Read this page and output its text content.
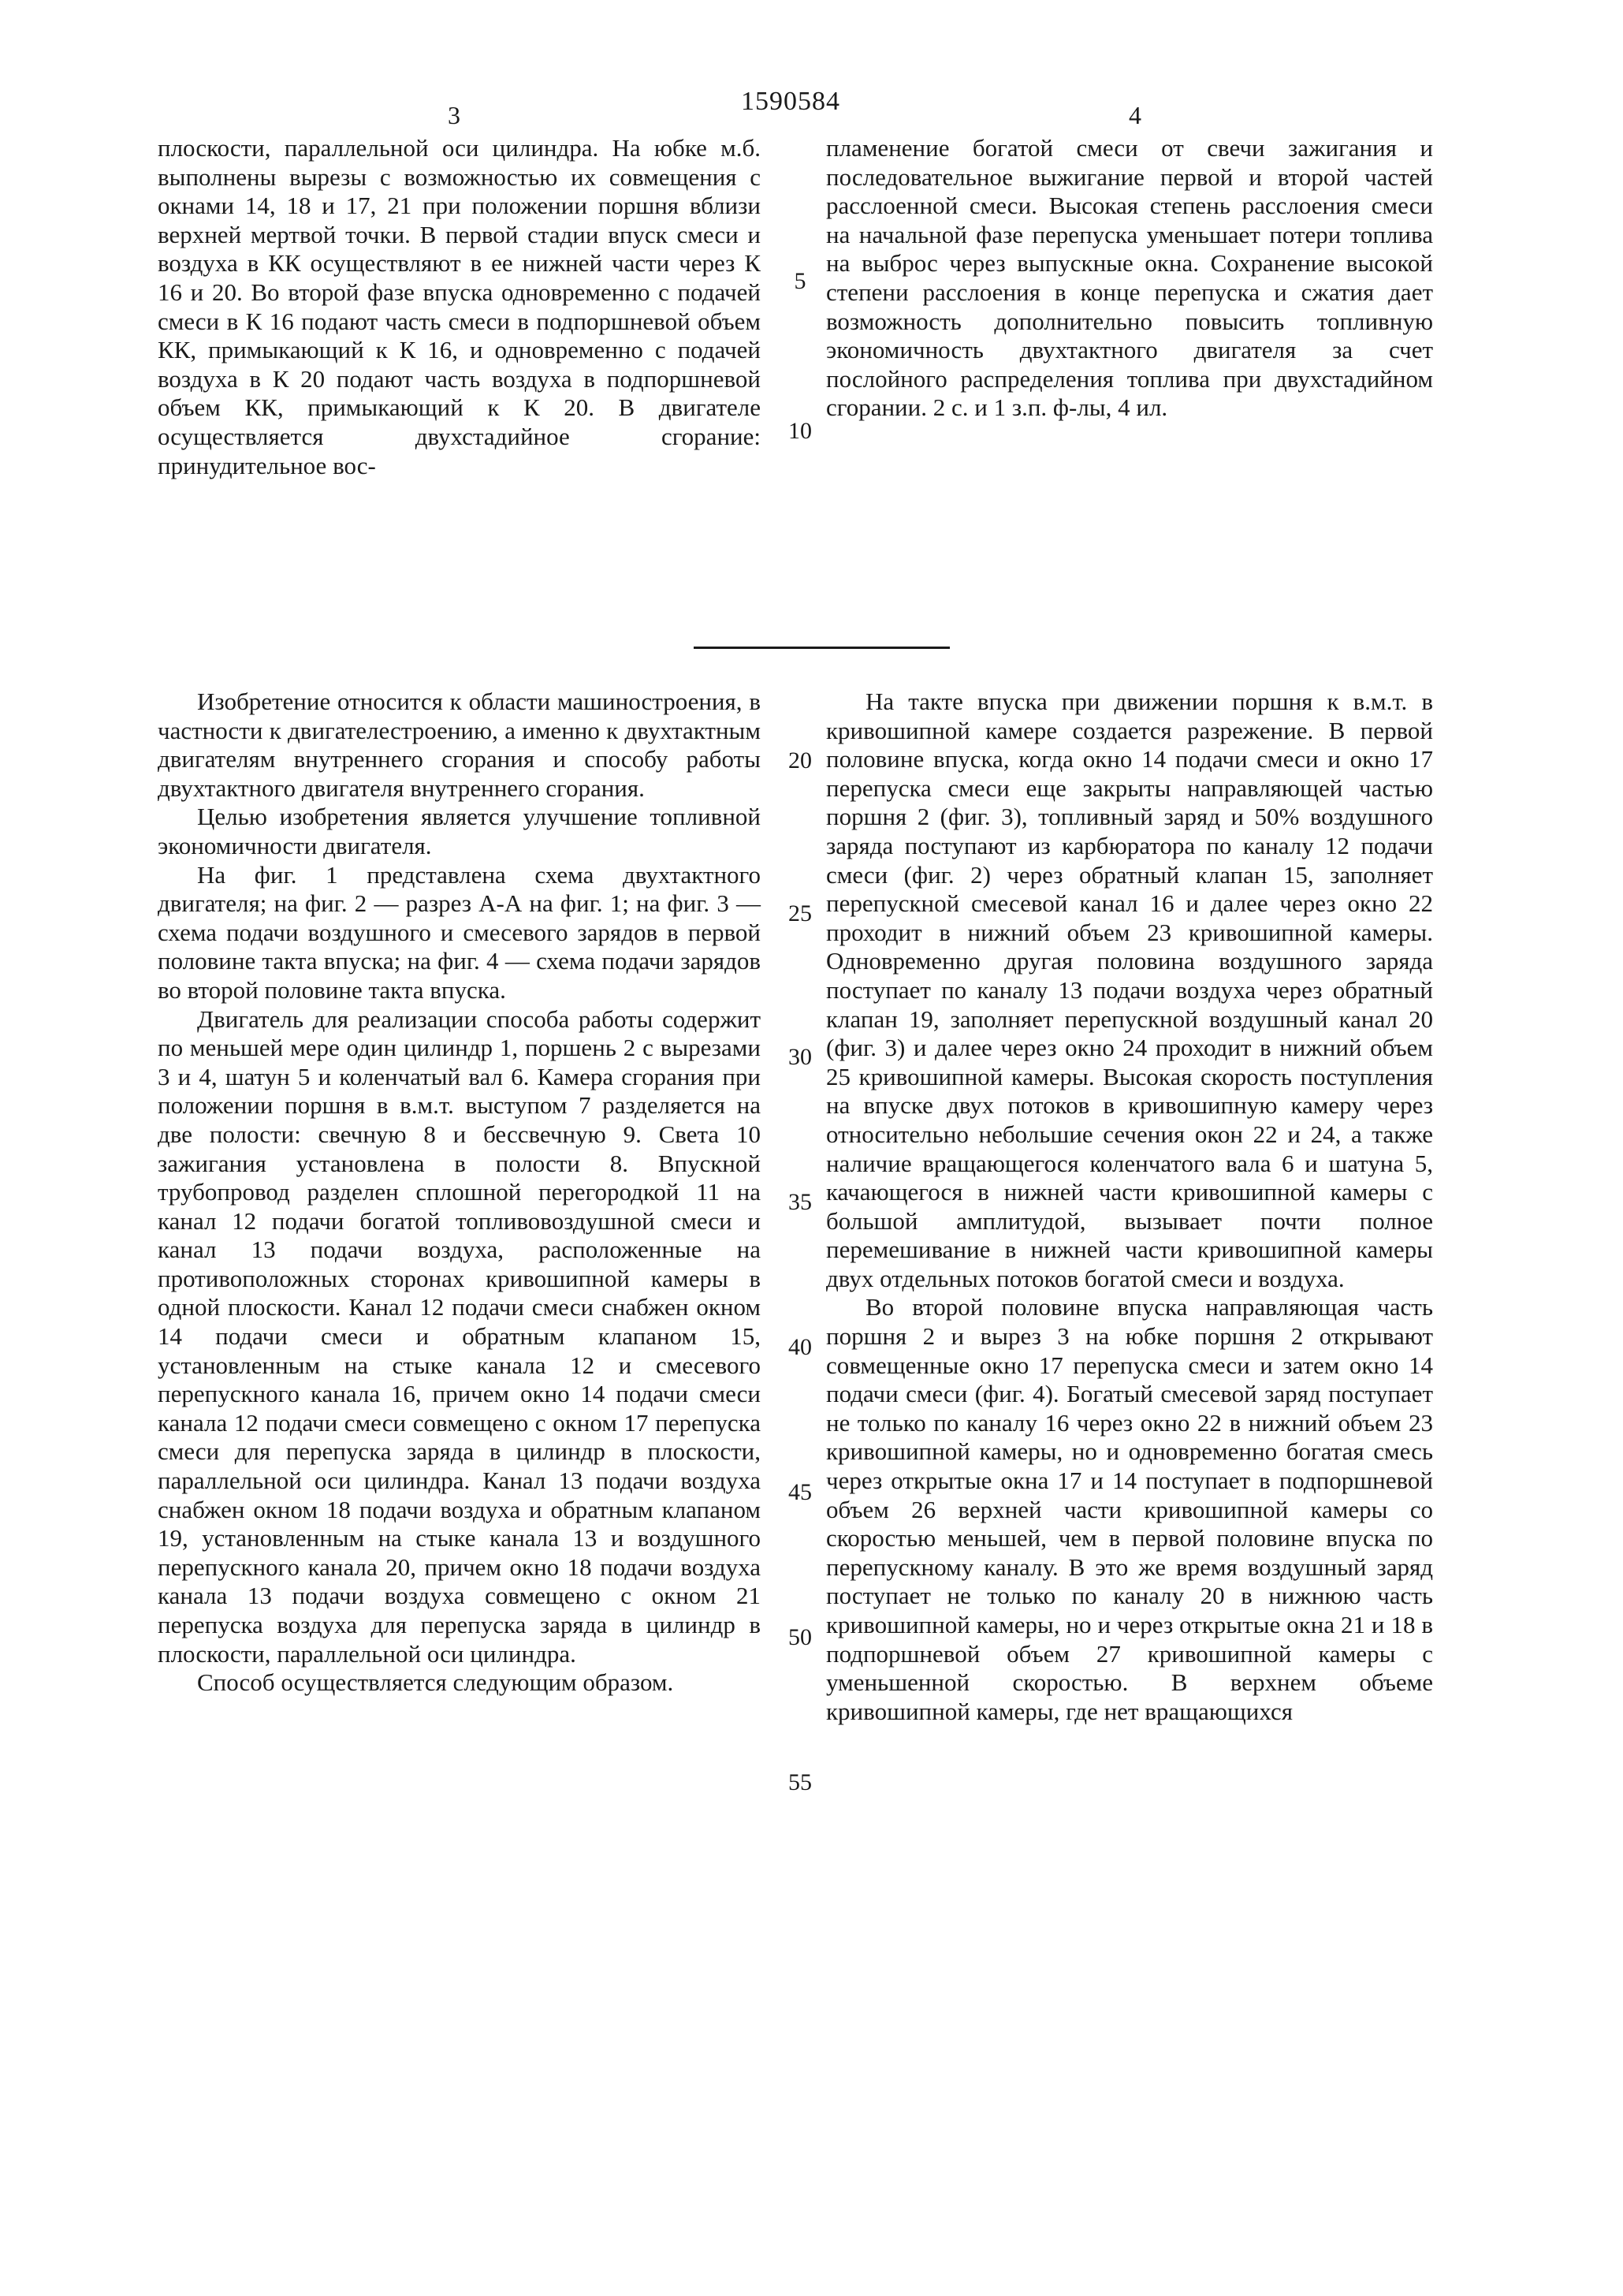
3	1590584	4

плоскости, параллельной оси цилиндра. На юбке м.б. выполнены вырезы с возможностью их совмещения с окнами 14, 18 и 17, 21 при положении поршня вблизи верхней мертвой точки. В первой стадии впуск смеси и воздуха в КК осуществляют в ее нижней части через К 16 и 20. Во второй фазе впуска одновременно с подачей смеси в К 16 подают часть смеси в подпоршневой объем КК, примыкающий к К 16, и одновременно с подачей воздуха в К 20 подают часть воздуха в подпоршневой объем КК, примыкающий к К 20. В двигателе осуществляется двухстадийное сгорание: принудительное вос-

пламенение богатой смеси от свечи зажигания и последовательное выжигание первой и второй частей расслоенной смеси. Высокая степень расслоения смеси на начальной фазе перепуска уменьшает потери топлива на выброс через выпускные окна. Сохранение высокой степени расслоения в конце перепуска и сжатия дает возможность дополнительно повысить топливную экономичность двухтактного двигателя за счет послойного распределения топлива при двухстадийном сгорании. 2 с. и 1 з.п. ф-лы, 4 ил.

5
10

Изобретение относится к области машиностроения, в частности к двигателестроению, а именно к двухтактным двигателям внутреннего сгорания и способу работы двухтактного двигателя внутреннего сгорания.

Целью изобретения является улучшение топливной экономичности двигателя.

На фиг. 1 представлена схема двухтактного двигателя; на фиг. 2 — разрез А-А на фиг. 1; на фиг. 3 — схема подачи воздушного и смесевого зарядов в первой половине такта впуска; на фиг. 4 — схема подачи зарядов во второй половине такта впуска.

Двигатель для реализации способа работы содержит по меньшей мере один цилиндр 1, поршень 2 с вырезами 3 и 4, шатун 5 и коленчатый вал 6. Камера сгорания при положении поршня в в.м.т. выступом 7 разделяется на две полости: свечную 8 и бессвечную 9. Света 10 зажигания установлена в полости 8. Впускной трубопровод разделен сплошной перегородкой 11 на канал 12 подачи богатой топливовоздушной смеси и канал 13 подачи воздуха, расположенные на противоположных сторонах кривошипной камеры в одной плоскости. Канал 12 подачи смеси снабжен окном 14 подачи смеси и обратным клапаном 15, установленным на стыке канала 12 и смесевого перепускного канала 16, причем окно 14 подачи смеси канала 12 подачи смеси совмещено с окном 17 перепуска смеси для перепуска заряда в цилиндр в плоскости, параллельной оси цилиндра. Канал 13 подачи воздуха снабжен окном 18 подачи воздуха и обратным клапаном 19, установленным на стыке канала 13 и воздушного перепускного канала 20, причем окно 18 подачи воздуха канала 13 подачи воздуха совмещено с окном 21 перепуска воздуха для перепуска заряда в цилиндр в плоскости, параллельной оси цилиндра.

Способ осуществляется следующим образом.

На такте впуска при движении поршня к в.м.т. в кривошипной камере создается разрежение. В первой половине впуска, когда окно 14 подачи смеси и окно 17 перепуска смеси еще закрыты направляющей частью поршня 2 (фиг. 3), топливный заряд и 50% воздушного заряда поступают из карбюратора по каналу 12 подачи смеси (фиг. 2) через обратный клапан 15, заполняет перепускной смесевой канал 16 и далее через окно 22 проходит в нижний объем 23 кривошипной камеры. Одновременно другая половина воздушного заряда поступает по каналу 13 подачи воздуха через обратный клапан 19, заполняет перепускной воздушный канал 20 (фиг. 3) и далее через окно 24 проходит в нижний объем 25 кривошипной камеры. Высокая скорость поступления на впуске двух потоков в кривошипную камеру через относительно небольшие сечения окон 22 и 24, а также наличие вращающегося коленчатого вала 6 и шатуна 5, качающегося в нижней части кривошипной камеры с большой амплитудой, вызывает почти полное перемешивание в нижней части кривошипной камеры двух отдельных потоков богатой смеси и воздуха.

Во второй половине впуска направляющая часть поршня 2 и вырез 3 на юбке поршня 2 открывают совмещенные окно 17 перепуска смеси и затем окно 14 подачи смеси (фиг. 4). Богатый смесевой заряд поступает не только по каналу 16 через окно 22 в нижний объем 23 кривошипной камеры, но и одновременно богатая смесь через открытые окна 17 и 14 поступает в подпоршневой объем 26 верхней части кривошипной камеры со скоростью меньшей, чем в первой половине впуска по перепускному каналу. В это же время воздушный заряд поступает не только по каналу 20 в нижнюю часть кривошипной камеры, но и через открытые окна 21 и 18 в подпоршневой объем 27 кривошипной камеры с уменьшенной скоростью. В верхнем объеме кривошипной камеры, где нет вращающихся

20
25
30
35
40
45
50
55
